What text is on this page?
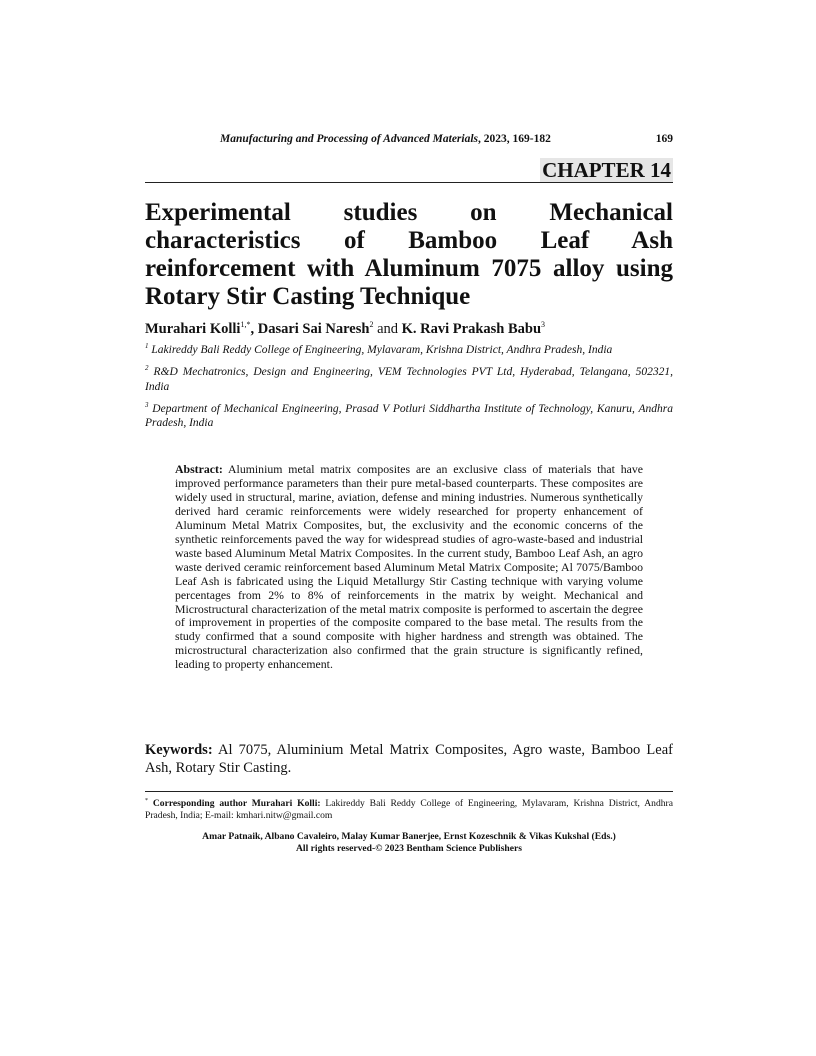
Manufacturing and Processing of Advanced Materials, 2023, 169-182	169
CHAPTER 14
Experimental studies on Mechanical characteristics of Bamboo Leaf Ash reinforcement with Aluminum 7075 alloy using Rotary Stir Casting Technique
Murahari Kolli$^{1,*}$, Dasari Sai Naresh$^2$ and K. Ravi Prakash Babu$^3$

$^1$ Lakireddy Bali Reddy College of Engineering, Mylavaram, Krishna District, Andhra Pradesh, India

$^2$ R&D Mechatronics, Design and Engineering, VEM Technologies PVT Ltd, Hyderabad, Telangana, 502321, India

$^3$ Department of Mechanical Engineering, Prasad V Potluri Siddhartha Institute of Technology, Kanuru, Andhra Pradesh, India

Abstract: Aluminium metal matrix composites are an exclusive class of materials that have improved performance parameters than their pure metal-based counterparts. These composites are widely used in structural, marine, aviation, defense and mining industries. Numerous synthetically derived hard ceramic reinforcements were widely researched for property enhancement of Aluminum Metal Matrix Composites, but, the exclusivity and the economic concerns of the synthetic reinforcements paved the way for widespread studies of agro-waste-based and industrial waste based Aluminum Metal Matrix Composites. In the current study, Bamboo Leaf Ash, an agro waste derived ceramic reinforcement based Aluminum Metal Matrix Composite; Al 7075/Bamboo Leaf Ash is fabricated using the Liquid Metallurgy Stir Casting technique with varying volume percentages from 2% to 8% of reinforcements in the matrix by weight. Mechanical and Microstructural characterization of the metal matrix composite is performed to ascertain the degree of improvement in properties of the composite compared to the base metal. The results from the study confirmed that a sound composite with higher hardness and strength was obtained. The microstructural characterization also confirmed that the grain structure is significantly refined, leading to property enhancement.

Keywords: Al 7075, Aluminium Metal Matrix Composites, Agro waste, Bamboo Leaf Ash, Rotary Stir Casting.
* Corresponding author Murahari Kolli: Lakireddy Bali Reddy College of Engineering, Mylavaram, Krishna District, Andhra Pradesh, India; E-mail: kmhari.nitw@gmail.com
Amar Patnaik, Albano Cavaleiro, Malay Kumar Banerjee, Ernst Kozeschnik & Vikas Kukshal (Eds.)
All rights reserved-© 2023 Bentham Science Publishers
